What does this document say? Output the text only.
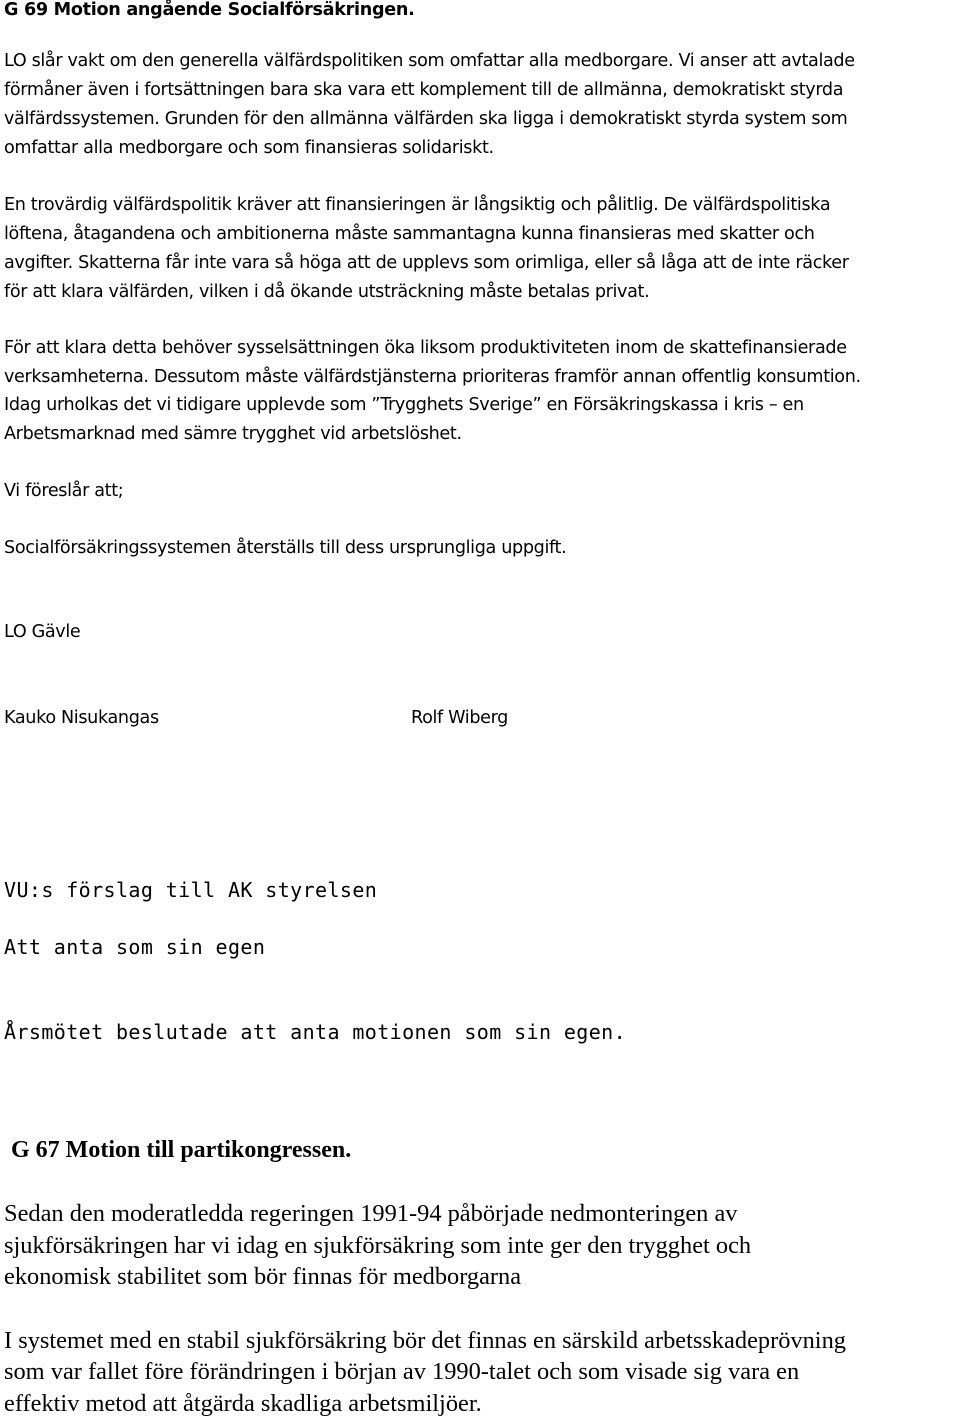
G 69 Motion angående Socialförsäkringen.
LO slår vakt om den generella välfärdspolitiken som omfattar alla medborgare. Vi anser att avtalade
förmåner även i fortsättningen bara ska vara ett komplement till de allmänna, demokratiskt styrda
välfärdssystemen. Grunden för den allmänna välfärden ska ligga i demokratiskt styrda system som
omfattar alla medborgare och som finansieras solidariskt.
En trovärdig välfärdspolitik kräver att finansieringen är långsiktig och pålitlig. De välfärdspolitiska
löftena, åtagandena och ambitionerna måste sammantagna kunna finansieras med skatter och
avgifter. Skatterna får inte vara så höga att de upplevs som orimliga, eller så låga att de inte räcker
för att klara välfärden, vilken i då ökande utsträckning måste betalas privat.
För att klara detta behöver sysselsättningen öka liksom produktiviteten inom de skattefinansierade
verksamheterna. Dessutom måste välfärdstjänsterna prioriteras framför annan offentlig konsumtion.
Idag urholkas det vi tidigare upplevde som ”Trygghets Sverige” en Försäkringskassa i kris – en
Arbetsmarknad med sämre trygghet vid arbetslöshet.
Vi föreslår att;
Socialförsäkringssystemen återställs till dess ursprungliga uppgift.
LO Gävle
Kauko Nisukangas	Rolf Wiberg
VU:s förslag till AK styrelsen
Att anta som sin egen
Årsmötet beslutade att anta motionen som sin egen.
G 67 Motion till partikongressen.
Sedan den moderatledda regeringen 1991-94 påbörjade nedmonteringen av
sjukförsäkringen har vi idag en sjukförsäkring som inte ger den trygghet och
ekonomisk stabilitet som bör finnas för medborgarna
I systemet med en stabil sjukförsäkring bör det finnas en särskild arbetsskadeprövning
som var fallet före förändringen i början av 1990-talet och som visade sig vara en
effektiv metod att åtgärda skadliga arbetsmiljöer.
